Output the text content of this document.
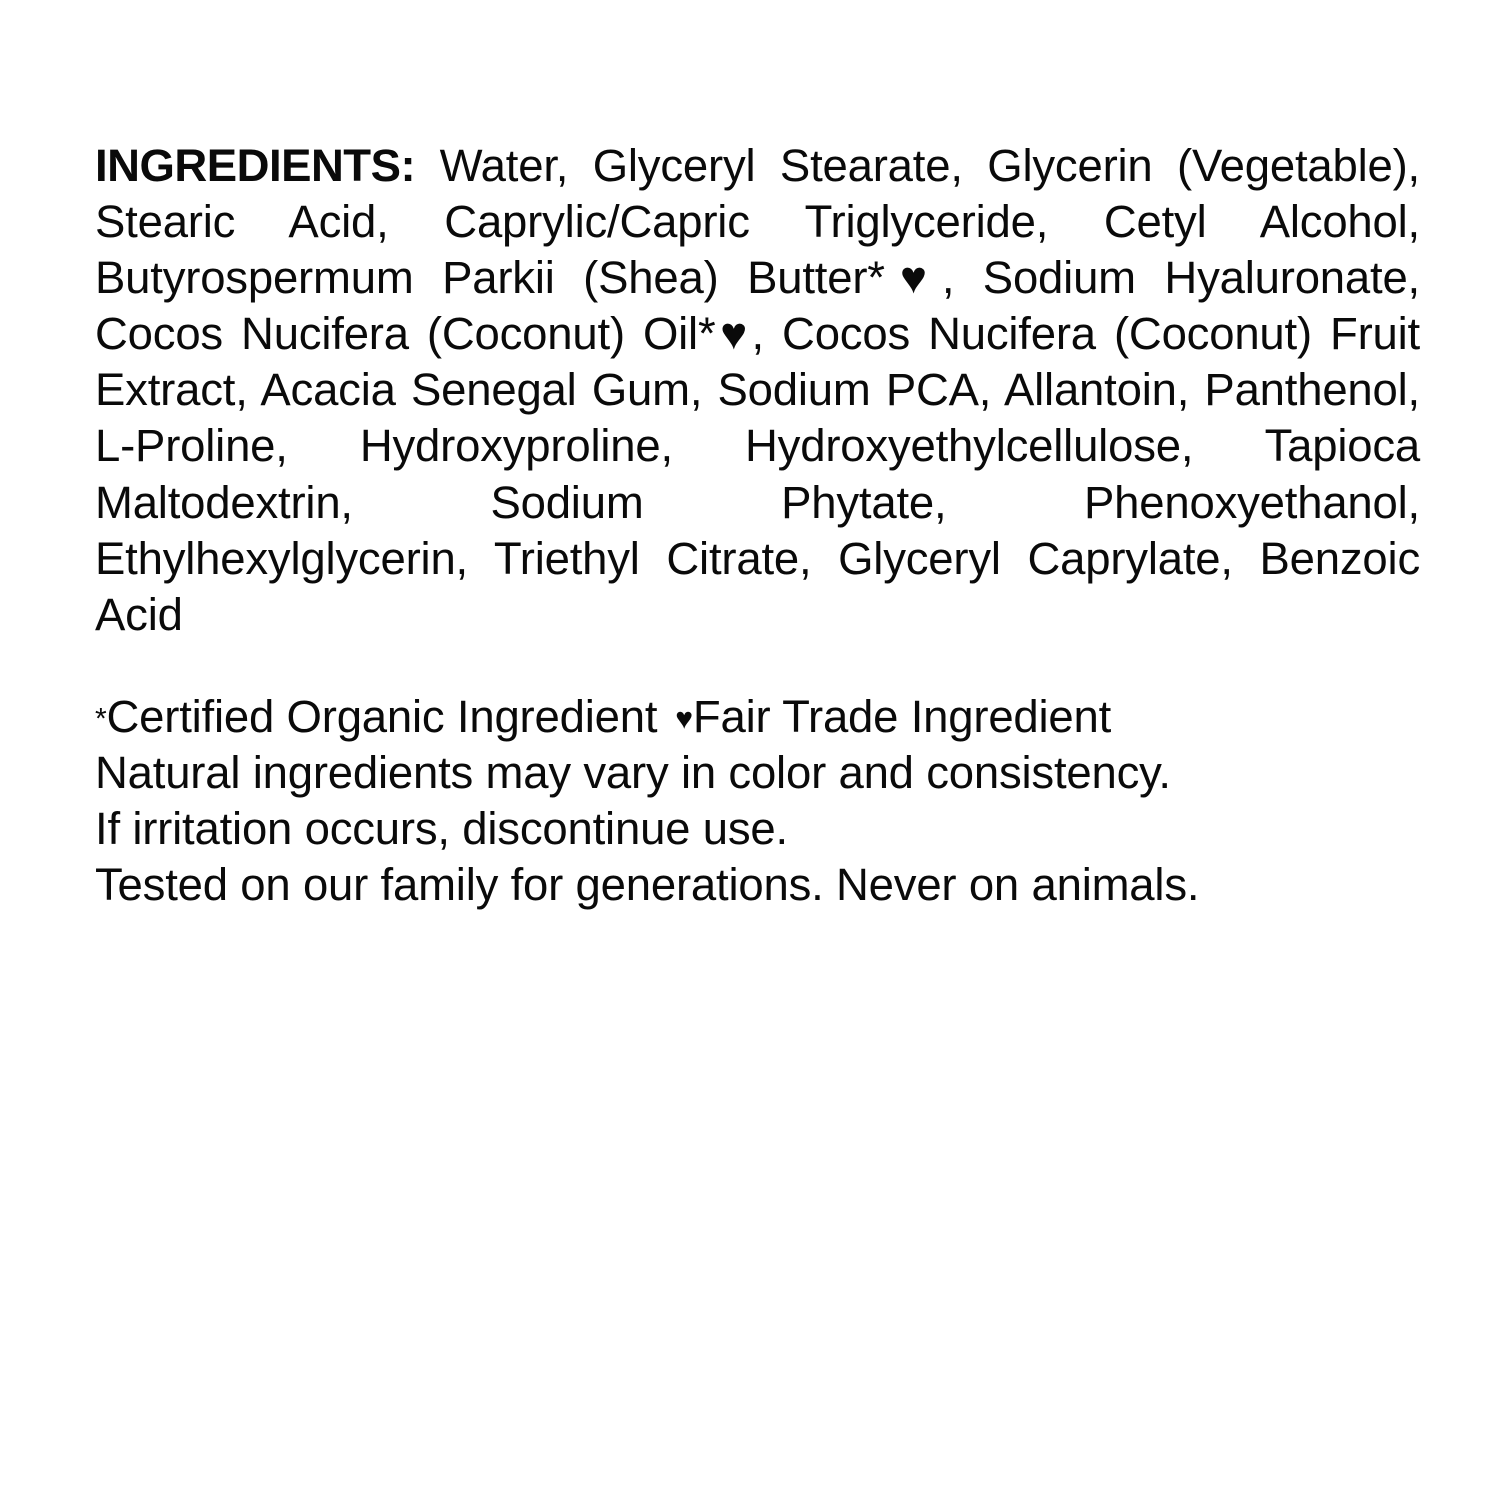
INGREDIENTS: Water, Glyceryl Stearate, Glycerin (Vegetable), Stearic Acid, Caprylic/Capric Triglyceride, Cetyl Alcohol, Butyrospermum Parkii (Shea) Butter*♥, Sodium Hyaluronate, Cocos Nucifera (Coconut) Oil*♥, Cocos Nucifera (Coconut) Fruit Extract, Acacia Senegal Gum, Sodium PCA, Allantoin, Panthenol, L-Proline, Hydroxyproline, Hydroxyethylcellulose, Tapioca Maltodextrin, Sodium Phytate, Phenoxyethanol, Ethylhexylglycerin, Triethyl Citrate, Glyceryl Caprylate, Benzoic Acid

*Certified Organic Ingredient ♥Fair Trade Ingredient
Natural ingredients may vary in color and consistency.
If irritation occurs, discontinue use.
Tested on our family for generations. Never on animals.
